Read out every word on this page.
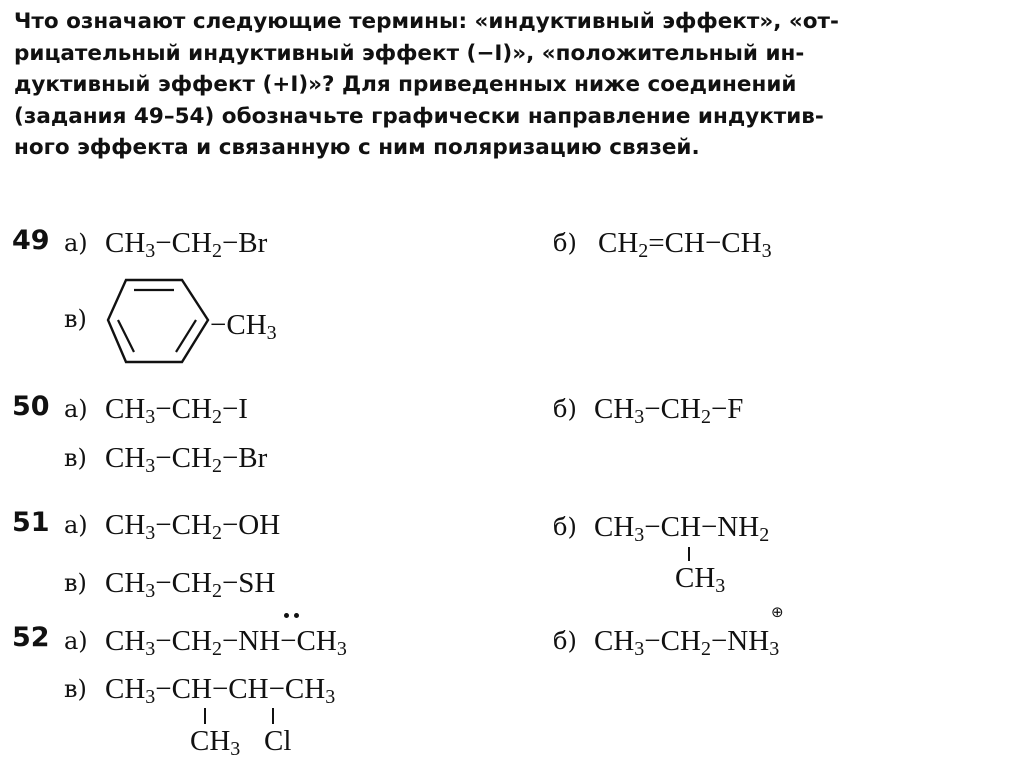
Что означают следующие термины: «индуктивный эффект», «от-
рицательный индуктивный эффект (−I)», «положительный ин-
дуктивный эффект (+I)»? Для приведенных ниже соединений
(задания 49–54) обозначьте графически направление индуктив-
ного эффекта и связанную с ним поляризацию связей.
49 а) $CH_3-CH_2-Br$	б) $CH_2=CH-CH_3$
в)	$-CH_3$
50 а) $CH_3-CH_2-I$	б) $CH_3-CH_2-F$
в) $CH_3-CH_2-Br$
51 а) $CH_3-CH_2-OH$	б) $CH_3-CH-NH_2$
$CH_3$
в) $CH_3-CH_2-SH$
52 а) $CH_3-CH_2-NH-CH_3$	б) $CH_3-CH_2-NH_3$
⊕
в) $CH_3-CH-CH-CH_3$
$CH_3$ Cl
